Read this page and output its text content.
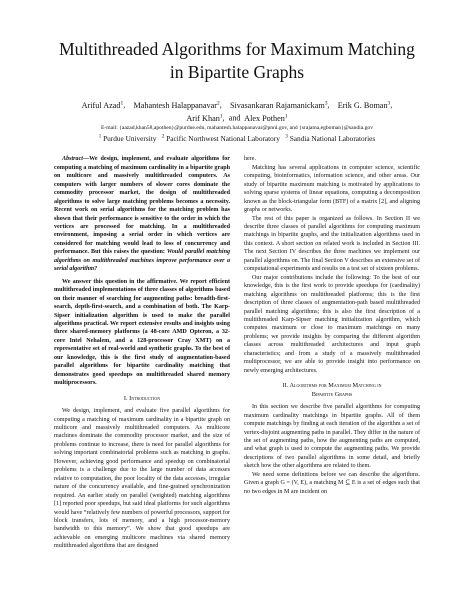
Multithreaded Algorithms for Maximum Matching
in Bipartite Graphs
Ariful Azad$^1$,    Mahantesh Halappanavar$^2$,    Sivasankaran Rajamanickam$^3$,    Erik G. Boman$^3$,
Arif Khan$^1$,  and  Alex Pothen$^1$
E-mail: {aazad,khan58,apothen}@purdue.edu, mahantesh.halappanavar@pnnl.gov, and {srajama,egboman}@sandia.gov
$^1$ Purdue University $^2$ Pacific Northwest National Laboratory $^3$ Sandia National Laboratories

Abstract—We design, implement, and evaluate algorithms for computing a matching of maximum cardinality in a bipartite graph on multicore and massively multithreaded computers. As computers with larger numbers of slower cores dominate the commodity processor market, the design of multithreaded algorithms to solve large matching problems becomes a necessity. Recent work on serial algorithms for the matching problem has shown that their performance is sensitive to the order in which the vertices are processed for matching. In a multithreaded environment, imposing a serial order in which vertices are considered for matching would lead to loss of concurrency and performance. But this raises the question: Would parallel matching algorithms on multithreaded machines improve performance over a serial algorithm?

We answer this question in the affirmative. We report efficient multithreaded implementations of three classes of algorithms based on their manner of searching for augmenting paths: breadth-first-search, depth-first-search, and a combination of both. The Karp-Sipser initialization algorithm is used to make the parallel algorithms practical. We report extensive results and insights using three shared-memory platforms (a 48-core AMD Opteron, a 32-core Intel Nehalem, and a 128-processor Cray XMT) on a representative set of real-world and synthetic graphs. To the best of our knowledge, this is the first study of augmentation-based parallel algorithms for bipartite cardinality matching that demonstrates good speedups on multithreaded shared memory multiprocessors.

I. Introduction

We design, implement, and evaluate five parallel algorithms for computing a matching of maximum cardinality in a bipartite graph on multicore and massively multithreaded computers. As multicore machines dominate the commodity processor market, and the size of problems continue to increase, there is need for parallel algorithms for solving important combinatorial problems such as matching in graphs. However, achieving good performance and speedup on combinatorial problems is a challenge due to the large number of data accesses relative to computation, the poor locality of the data accesses, irregular nature of the concurrency available, and fine-grained synchronization required. An earlier study on parallel (weighted) matching algorithms [1] reported poor speedups, but said ideal platforms for such algorithms would have “relatively few numbers of powerful processors, support for block transfers, lots of memory, and a high processor-memory bandwidth to this memory”. We show that good speedups are achievable on emerging multicore machines via shared memory multithreaded algorithms that are designed

here.

Matching has several applications in computer science, scientific computing, bioinformatics, information science, and other areas. Our study of bipartite maximum matching is motivated by applications to solving sparse systems of linear equations, computing a decomposition known as the block-triangular form (BTF) of a matrix [2], and aligning graphs or networks.

The rest of this paper is organized as follows. In Section II we describe three classes of parallel algorithms for computing maximum matchings in bipartite graphs, and the initialization algorithms used in this context. A short section on related work is included in Section III. The next Section IV describes the three machines we implement our parallel algorithms on. The final Section V describes an extensive set of computational experiments and results on a test set of sixteen problems.

Our major contributions include the following: To the best of our knowledge, this is the first work to provide speedups for (cardinality) matching algorithms on multithreaded platforms; this is the first description of three classes of augmentation-path based multithreaded parallel matching algorithms; this is also the first description of a multithreaded Karp-Sipser matching initialization algorithm, which computes maximum or close to maximum matchings on many problems; we provide insights by comparing the different algorithm classes across multithreaded architectures and input graph characteristics; and from a study of a massively multithreaded multiprocessor, we are able to provide insight into performance on newly emerging architectures.

II. Algorithms for Maximum Matching in
Bipartite Graphs

In this section we describe five parallel algorithms for computing maximum cardinality matchings in bipartite graphs. All of them compute matchings by finding at each iteration of the algorithm a set of vertex-disjoint augmenting paths in parallel. They differ in the nature of the set of augmenting paths, how the augmenting paths are computed, and what graph is used to compute the augmenting paths. We provide descriptions of two parallel algorithms in some detail, and briefly sketch how the other algorithms are related to them.

We need some definitions before we can describe the algorithms. Given a graph G = (V, E), a matching M ⊆ E is a set of edges such that no two edges in M are incident on
